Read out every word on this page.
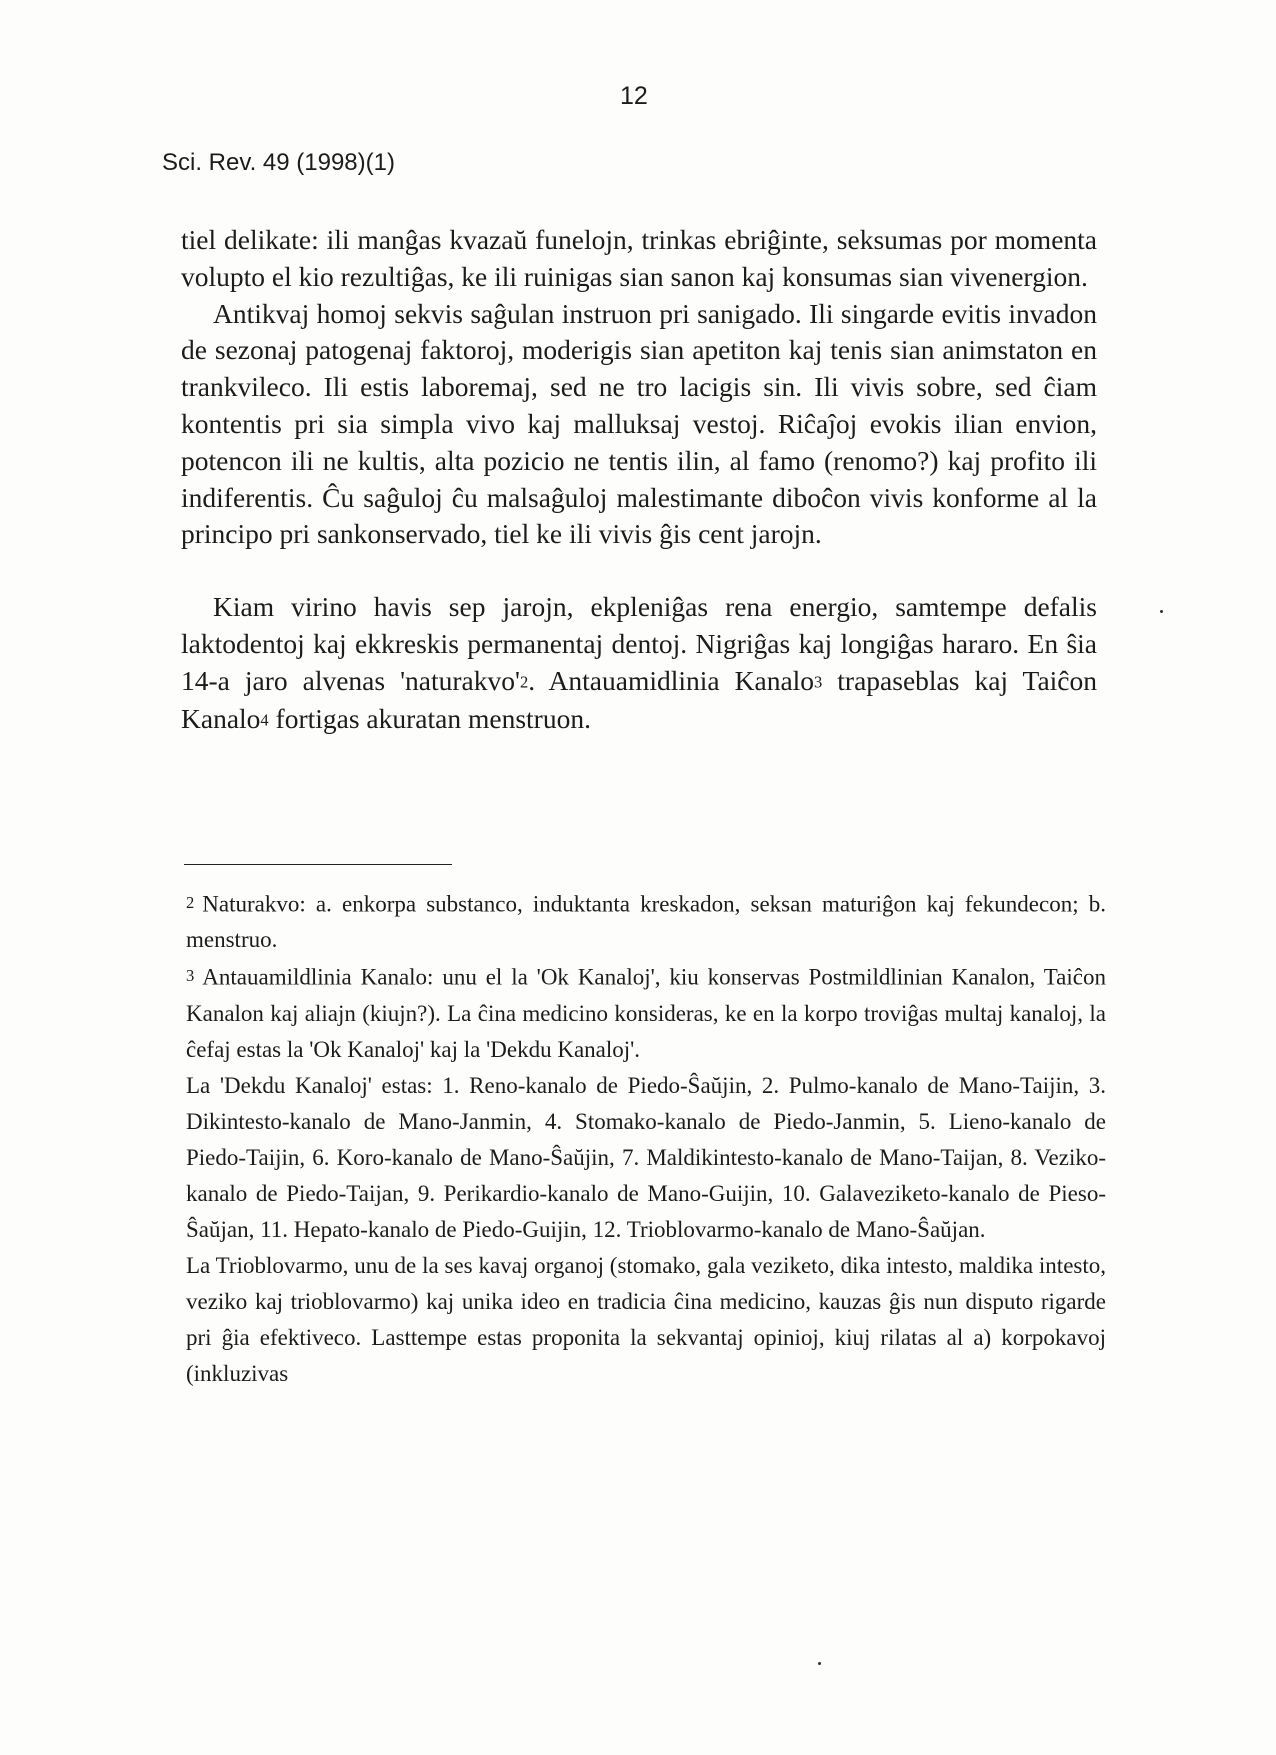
12
Sci. Rev. 49 (1998)(1)

tiel delikate: ili manĝas kvazaŭ funelojn, trinkas ebriĝinte, seksumas por momenta volupto el kio rezultiĝas, ke ili ruinigas sian sanon kaj konsumas sian vivenergion.

Antikvaj homoj sekvis saĝulan instruon pri sanigado. Ili singarde evitis invadon de sezonaj patogenaj faktoroj, moderigis sian apetiton kaj tenis sian animstaton en trankvileco. Ili estis laboremaj, sed ne tro lacigis sin. Ili vivis sobre, sed ĉiam kontentis pri sia simpla vivo kaj malluksaj vestoj. Riĉaĵoj evokis ilian envion, potencon ili ne kultis, alta pozicio ne tentis ilin, al famo (renomo?) kaj profito ili indiferentis. Ĉu saĝuloj ĉu malsaĝuloj malestimante diboĉon vivis konforme al la principo pri sankonservado, tiel ke ili vivis ĝis cent jarojn.

Kiam virino havis sep jarojn, ekpleniĝas rena energio, samtempe defalis laktodentoj kaj ekkreskis permanentaj dentoj. Nigriĝas kaj longiĝas hararo. En ŝia 14-a jaro alvenas '$naturakvo'^2$. Antauamidlinia Kanalo$^3$ trapaseblas kaj Taiĉon Kanalo$^4$ fortigas akuratan menstruon.

2 Naturakvo: a. enkorpa substanco, induktanta kreskadon, seksan maturiĝon kaj fekundecon; b. menstruo.

3 Antauamildlinia Kanalo: unu el la 'Ok Kanaloj', kiu konservas Postmildlinian Kanalon, Taiĉon Kanalon kaj aliajn (kiujn?). La ĉina medicino konsideras, ke en la korpo troviĝas multaj kanaloj, la ĉefaj estas la 'Ok Kanaloj' kaj la 'Dekdu Kanaloj'.

La 'Dekdu Kanaloj' estas: 1. Reno-kanalo de Piedo-Ŝaŭjin, 2. Pulmo-kanalo de Mano-Taijin, 3. Dikintesto-kanalo de Mano-Janmin, 4. Stomako-kanalo de Piedo-Janmin, 5. Lieno-kanalo de Piedo-Taijin, 6. Koro-kanalo de Mano-Ŝaŭjin, 7. Maldikintesto-kanalo de Mano-Taijan, 8. Veziko-kanalo de Piedo-Taijan, 9. Perikardio-kanalo de Mano-Guijin, 10. Galaveziketo-kanalo de Pieso-Ŝaŭjan, 11. Hepato-kanalo de Piedo-Guijin, 12. Trioblovarmo-kanalo de Mano-Ŝaŭjan.

La Trioblovarmo, unu de la ses kavaj organoj (stomako, gala veziketo, dika intesto, maldika intesto, veziko kaj trioblovarmo) kaj unika ideo en tradicia ĉina medicino, kauzas ĝis nun disputo rigarde pri ĝia efektiveco. Lasttempe estas proponita la sekvantaj opinioj, kiuj rilatas al a) korpokavoj (inkluzivas
